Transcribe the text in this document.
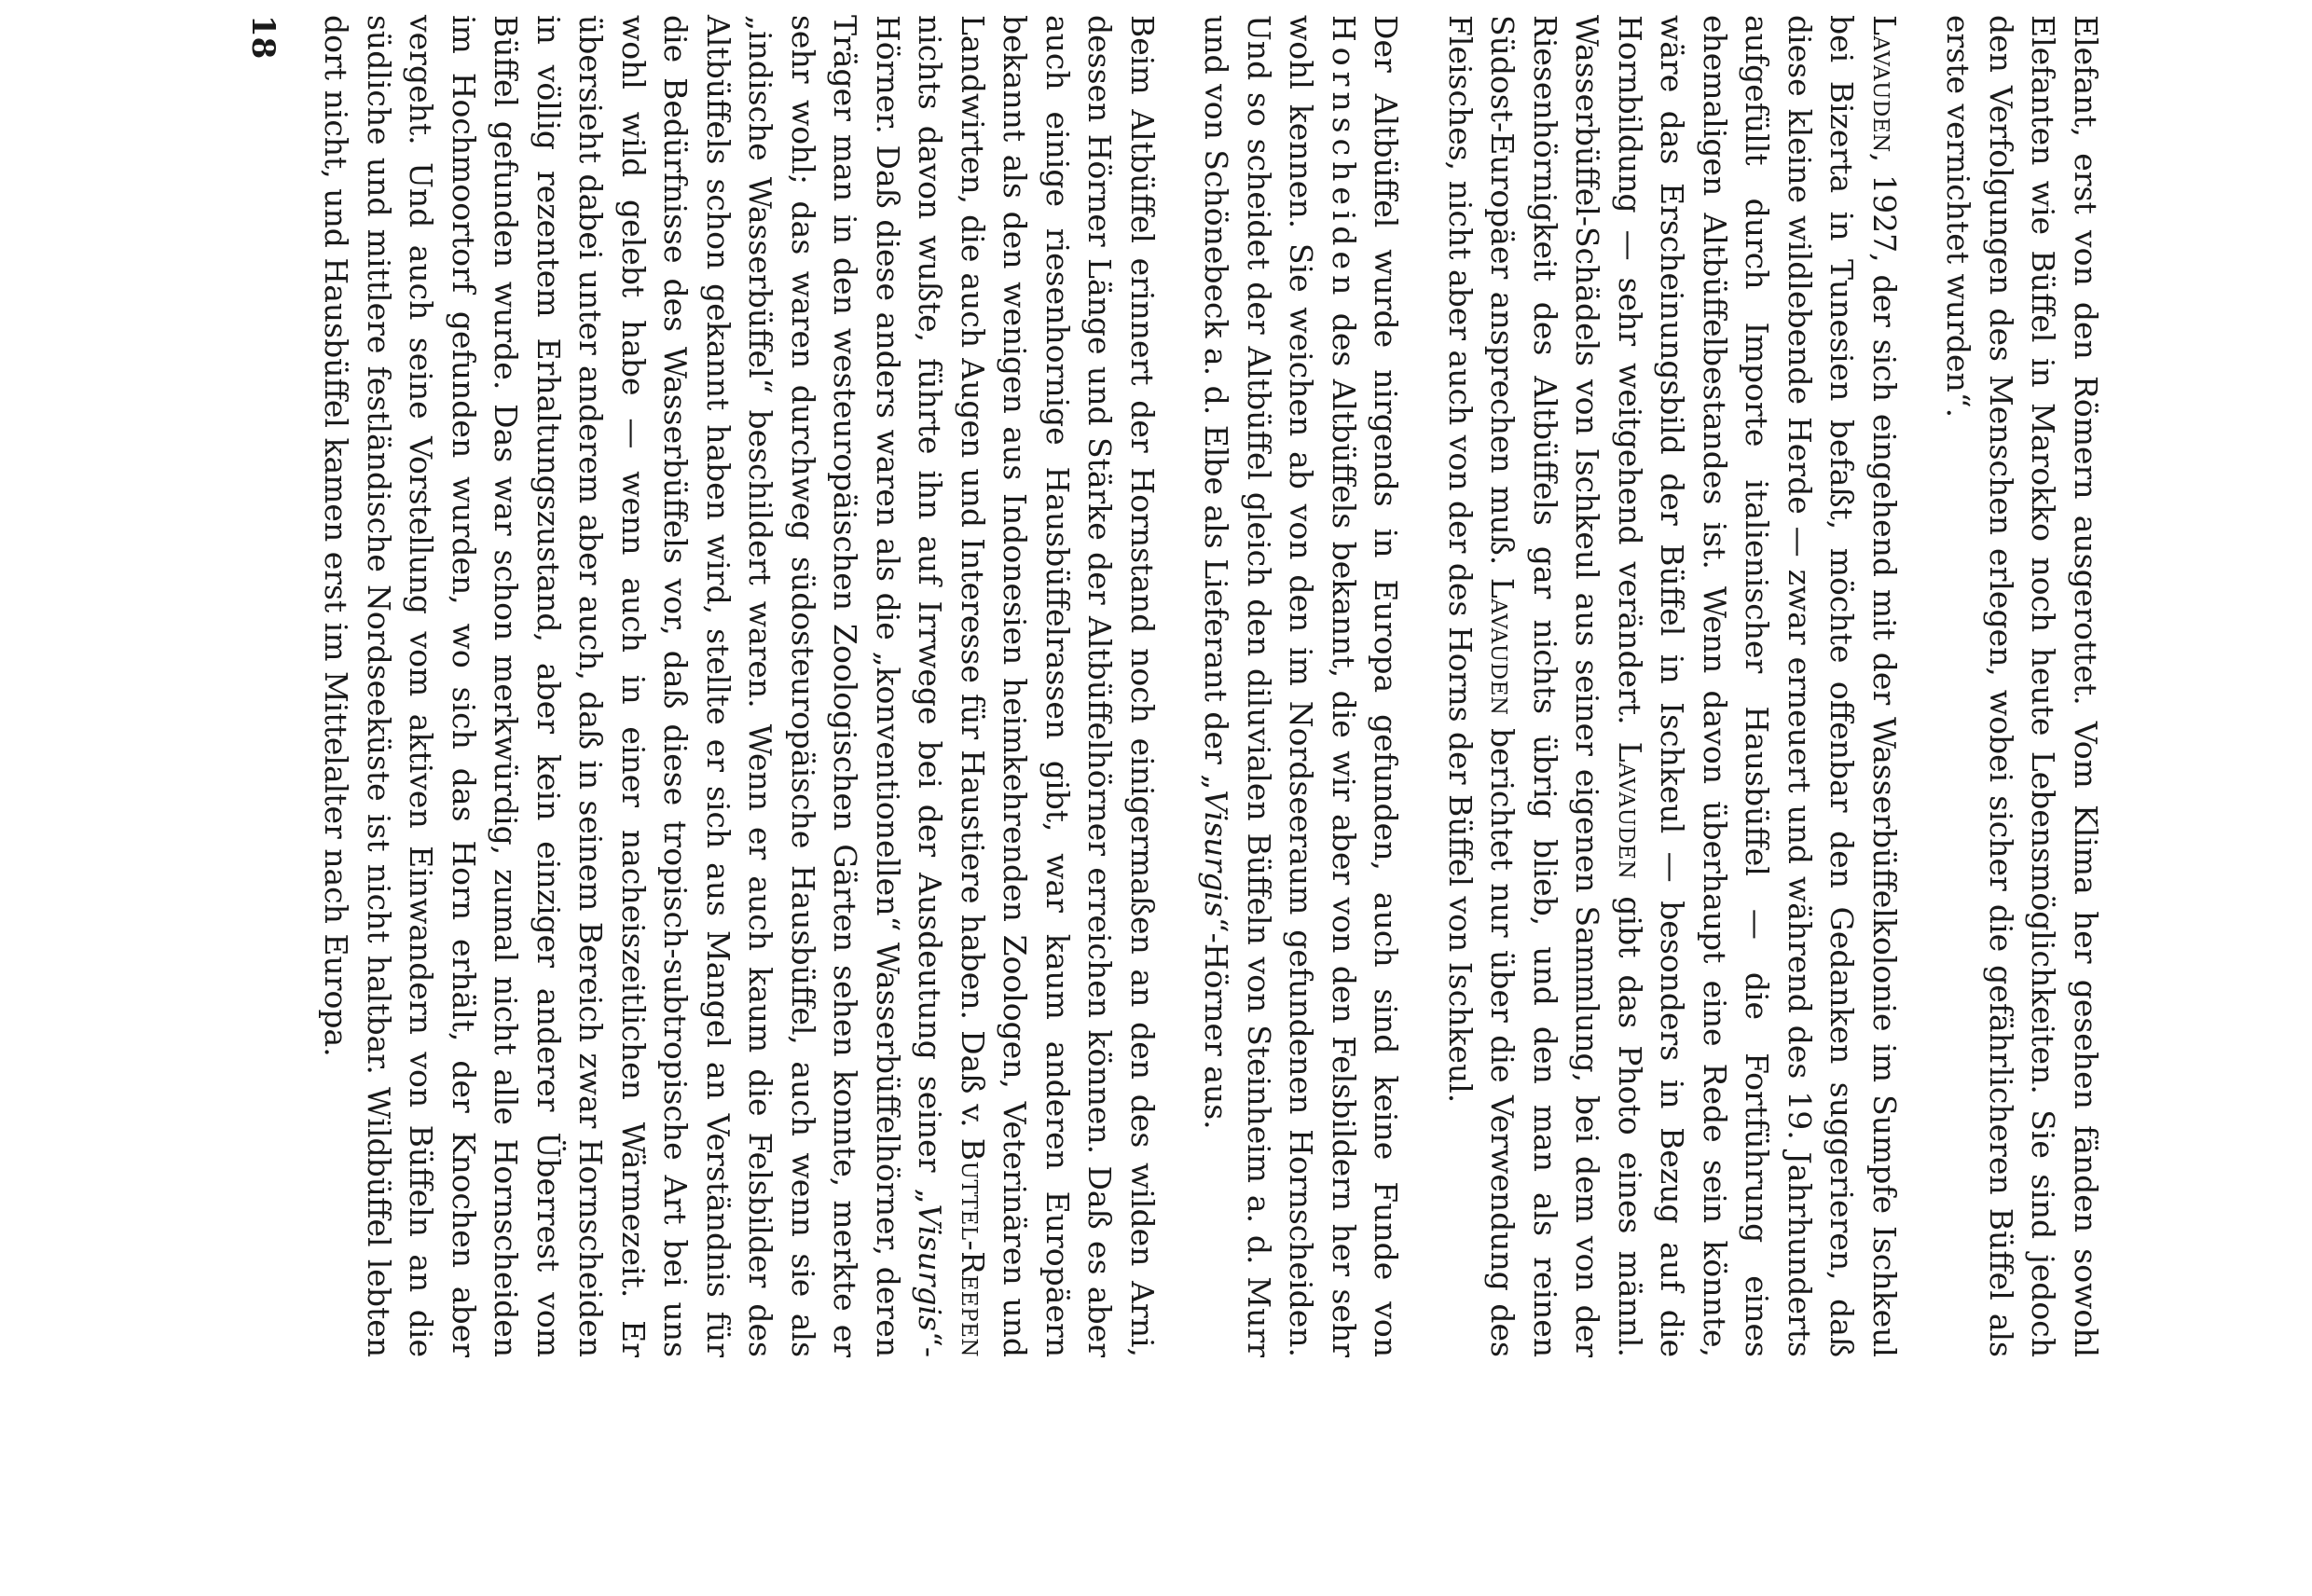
Elefant, erst von den Römern ausgerottet. Vom Klima her gesehen fänden sowohl Elefanten wie Büffel in Marokko noch heute Lebensmöglichkeiten. Sie sind jedoch den Verfolgungen des Menschen erlegen, wobei sicher die gefährlicheren Büffel als erste vernichtet wurden“.

Lavauden, 1927, der sich eingehend mit der Wasserbüffelkolonie im Sumpfe Ischkeul bei Bizerta in Tunesien befaßt, möchte offenbar den Gedanken suggerieren, daß diese kleine wildlebende Herde — zwar erneuert und während des 19. Jahrhunderts aufgefüllt durch Importe italienischer Hausbüffel — die Fortführung eines ehemaligen Altbüffelbestandes ist. Wenn davon überhaupt eine Rede sein könnte, wäre das Erscheinungsbild der Büffel in Ischkeul — besonders in Bezug auf die Hornbildung — sehr weitgehend verändert. Lavauden gibt das Photo eines männl. Wasserbüffel-Schädels von Ischkeul aus seiner eigenen Sammlung, bei dem von der Riesenhörnigkeit des Altbüffels gar nichts übrig blieb, und den man als reinen Südost-Europäer ansprechen muß. Lavauden berichtet nur über die Verwendung des Fleisches, nicht aber auch von der des Horns der Büffel von Ischkeul.

Der Altbüffel wurde nirgends in Europa gefunden, auch sind keine Funde von Hornscheiden des Altbüffels bekannt, die wir aber von den Felsbildern her sehr wohl kennen. Sie weichen ab von den im Nordseeraum gefundenen Hornscheiden. Und so scheidet der Altbüffel gleich den diluvialen Büffeln von Steinheim a. d. Murr und von Schönebeck a. d. Elbe als Lieferant der „Visurgis“-Hörner aus.

Beim Altbüffel erinnert der Hornstand noch einigermaßen an den des wilden Arni, dessen Hörner Länge und Stärke der Altbüffelhörner erreichen können. Daß es aber auch einige riesenhornige Hausbüffelrassen gibt, war kaum anderen Europäern bekannt als den wenigen aus Indonesien heimkehrenden Zoologen, Veterinären und Landwirten, die auch Augen und Interesse für Haustiere haben. Daß v. Buttel-Reepen nichts davon wußte, führte ihn auf Irrwege bei der Ausdeutung seiner „Visurgis“-Hörner. Daß diese anders waren als die „konventionellen“ Wasserbüffelhörner, deren Träger man in den westeuropäischen Zoologischen Gärten sehen konnte, merkte er sehr wohl; das waren durchweg südosteuropäische Hausbüffel, auch wenn sie als „indische Wasserbüffel“ beschildert waren. Wenn er auch kaum die Felsbilder des Altbüffels schon gekannt haben wird, stellte er sich aus Mangel an Verständnis für die Bedürfnisse des Wasserbüffels vor, daß diese tropisch-subtropische Art bei uns wohl wild gelebt habe — wenn auch in einer nacheiszeitlichen Wärmezeit. Er übersieht dabei unter anderem aber auch, daß in seinem Bereich zwar Hornscheiden in völlig rezentem Erhaltungszustand, aber kein einziger anderer Überrest vom Büffel gefunden wurde. Das war schon merkwürdig, zumal nicht alle Hornscheiden im Hochmoortorf gefunden wurden, wo sich das Horn erhält, der Knochen aber vergeht. Und auch seine Vorstellung vom aktiven Einwandern von Büffeln an die südliche und mittlere festländische Nordseeküste ist nicht haltbar. Wildbüffel lebten dort nicht, und Hausbüffel kamen erst im Mittelalter nach Europa.

18
